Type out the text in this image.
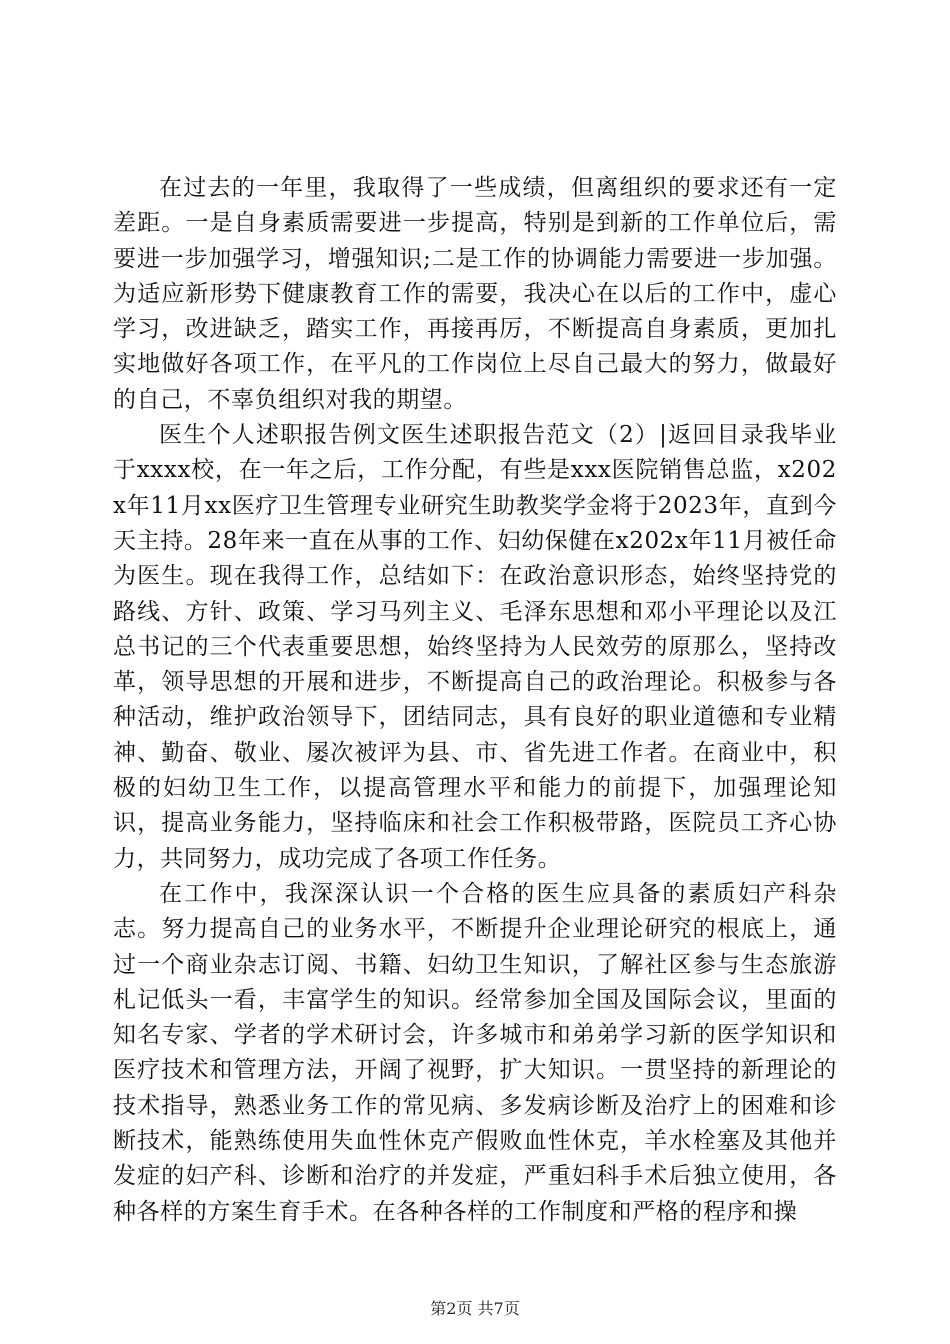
在过去的一年里，我取得了一些成绩，但离组织的要求还有一定差距。一是自身素质需要进一步提高，特别是到新的工作单位后，需要进一步加强学习，增强知识;二是工作的协调能力需要进一步加强。为适应新形势下健康教育工作的需要，我决心在以后的工作中，虚心学习，改进缺乏，踏实工作，再接再厉，不断提高自身素质，更加扎实地做好各项工作，在平凡的工作岗位上尽自己最大的努力，做最好的自己，不辜负组织对我的期望。

医生个人述职报告例文医生述职报告范文（2）|返回目录我毕业于xxxx校，在一年之后，工作分配，有些是xxx医院销售总监，x202x年11月xx医疗卫生管理专业研究生助教奖学金将于2023年，直到今天主持。28年来一直在从事的工作、妇幼保健在x202x年11月被任命为医生。现在我得工作，总结如下：在政治意识形态，始终坚持党的路线、方针、政策、学习马列主义、毛泽东思想和邓小平理论以及江总书记的三个代表重要思想，始终坚持为人民效劳的原那么，坚持改革，领导思想的开展和进步，不断提高自己的政治理论。积极参与各种活动，维护政治领导下，团结同志，具有良好的职业道德和专业精神、勤奋、敬业、屡次被评为县、市、省先进工作者。在商业中，积极的妇幼卫生工作，以提高管理水平和能力的前提下，加强理论知识，提高业务能力，坚持临床和社会工作积极带路，医院员工齐心协力，共同努力，成功完成了各项工作任务。

在工作中，我深深认识一个合格的医生应具备的素质妇产科杂志。努力提高自己的业务水平，不断提升企业理论研究的根底上，通过一个商业杂志订阅、书籍、妇幼卫生知识，了解社区参与生态旅游札记低头一看，丰富学生的知识。经常参加全国及国际会议，里面的知名专家、学者的学术研讨会，许多城市和弟弟学习新的医学知识和医疗技术和管理方法，开阔了视野，扩大知识。一贯坚持的新理论的技术指导，熟悉业务工作的常见病、多发病诊断及治疗上的困难和诊断技术，能熟练使用失血性休克产假败血性休克，羊水栓塞及其他并发症的妇产科、诊断和治疗的并发症，严重妇科手术后独立使用，各种各样的方案生育手术。在各种各样的工作制度和严格的程序和操

第2页 共7页
